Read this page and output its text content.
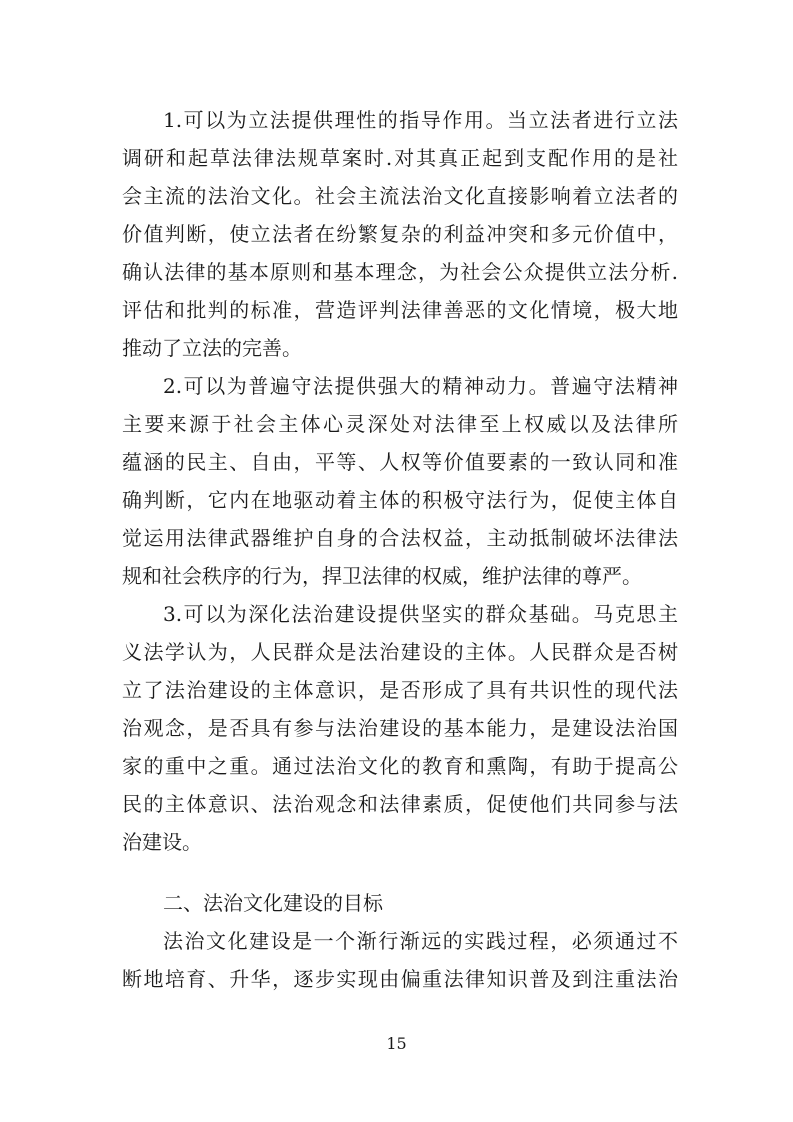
1.可以为立法提供理性的指导作用。当立法者进行立法
调研和起草法律法规草案时.对其真正起到支配作用的是社
会主流的法治文化。社会主流法治文化直接影响着立法者的
价值判断，使立法者在纷繁复杂的利益冲突和多元价值中，
确认法律的基本原则和基本理念，为社会公众提供立法分析.
评估和批判的标准，营造评判法律善恶的文化情境，极大地
推动了立法的完善。
2.可以为普遍守法提供强大的精神动力。普遍守法精神
主要来源于社会主体心灵深处对法律至上权威以及法律所
蕴涵的民主、自由，平等、人权等价值要素的一致认同和准
确判断，它内在地驱动着主体的积极守法行为，促使主体自
觉运用法律武器维护自身的合法权益，主动抵制破坏法律法
规和社会秩序的行为，捍卫法律的权威，维护法律的尊严。
3.可以为深化法治建设提供坚实的群众基础。马克思主
义法学认为，人民群众是法治建设的主体。人民群众是否树
立了法治建设的主体意识，是否形成了具有共识性的现代法
治观念，是否具有参与法治建设的基本能力，是建设法治国
家的重中之重。通过法治文化的教育和熏陶，有助于提高公
民的主体意识、法治观念和法律素质，促使他们共同参与法
治建设。
二、法治文化建设的目标
法治文化建设是一个渐行渐远的实践过程，必须通过不
断地培育、升华，逐步实现由偏重法律知识普及到注重法治
15
